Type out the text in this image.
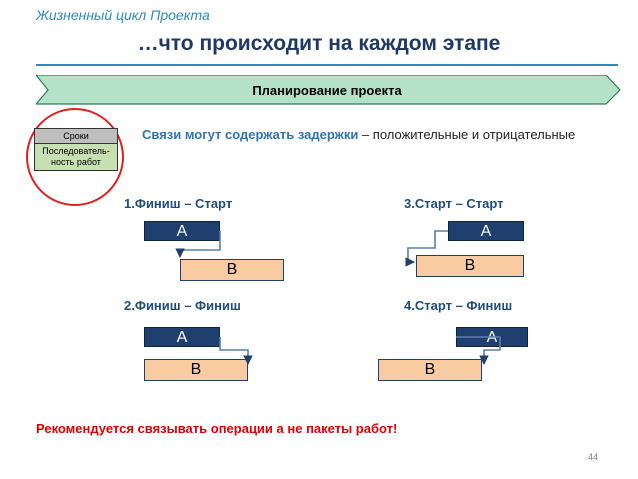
Жизненный цикл Проекта
…что происходит на каждом этапе
Планирование проекта
Сроки
Последователь-ность работ
Связи могут содержать задержки – положительные и отрицательные
1.Финиш – Старт
A
B
2.Финиш – Финиш
A
B
3.Старт – Старт
A
B
4.Старт – Финиш
A
B
Рекомендуется связывать операции а не пакеты работ!
44
